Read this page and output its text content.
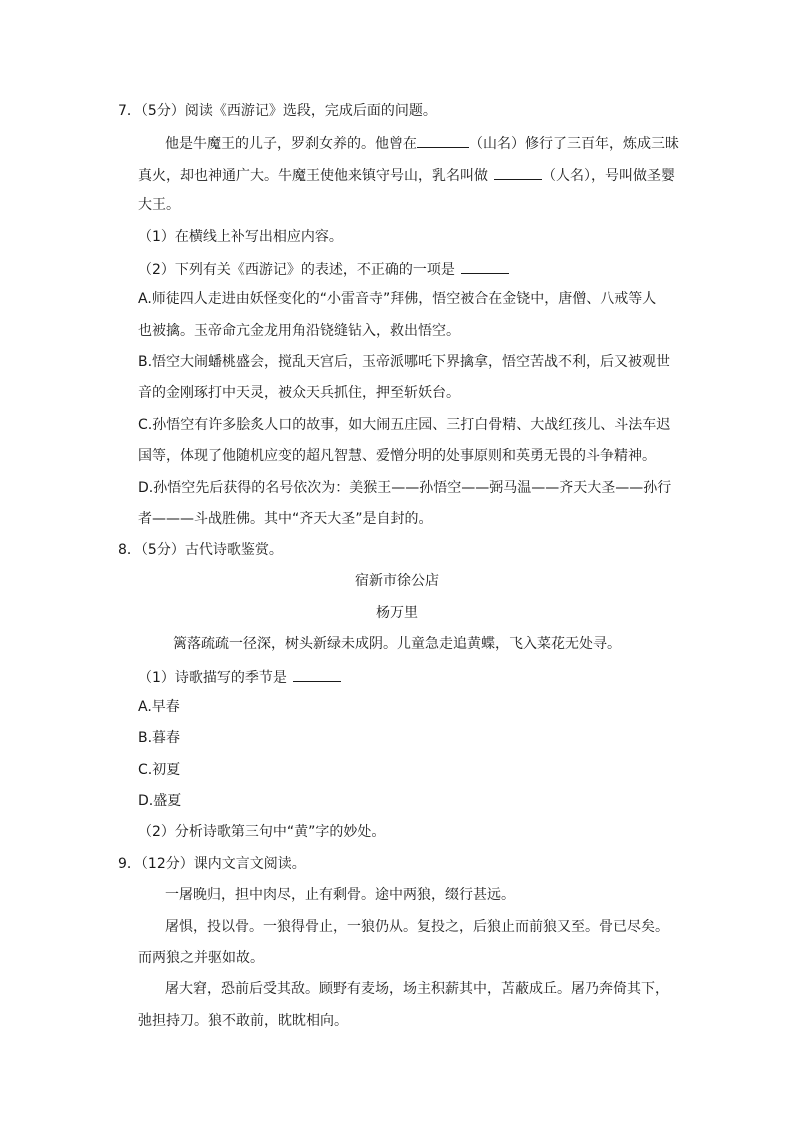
7．（5分）阅读《西游记》选段，完成后面的问题。
他是牛魔王的儿子，罗刹女养的。他曾在	（山名）修行了三百年，炼成三昧
真火，却也神通广大。牛魔王使他来镇守号山，乳名叫做	（人名），号叫做圣婴
大王。
（1）在横线上补写出相应内容。
（2）下列有关《西游记》的表述，不正确的一项是
A.师徒四人走进由妖怪变化的“小雷音寺”拜佛，悟空被合在金铙中，唐僧、八戒等人
也被擒。玉帝命亢金龙用角沿铙缝钻入，救出悟空。
B.悟空大闹蟠桃盛会，搅乱天宫后，玉帝派哪吒下界擒拿，悟空苦战不利，后又被观世
音的金刚琢打中天灵，被众天兵抓住，押至斩妖台。
C.孙悟空有许多脍炙人口的故事，如大闹五庄园、三打白骨精、大战红孩儿、斗法车迟
国等，体现了他随机应变的超凡智慧、爱憎分明的处事原则和英勇无畏的斗争精神。
D.孙悟空先后获得的名号依次为：美猴王——孙悟空——弼马温——齐天大圣——孙行
者———斗战胜佛。其中“齐天大圣”是自封的。
8．（5分）古代诗歌鉴赏。
宿新市徐公店
杨万里
篱落疏疏一径深，树头新绿未成阴。儿童急走追黄蝶，飞入菜花无处寻。
（1）诗歌描写的季节是
A.早春
B.暮春
C.初夏
D.盛夏
（2）分析诗歌第三句中“黄”字的妙处。
9．（12分）课内文言文阅读。
一屠晚归，担中肉尽，止有剩骨。途中两狼，缀行甚远。
屠惧，投以骨。一狼得骨止，一狼仍从。复投之，后狼止而前狼又至。骨已尽矣。
而两狼之并驱如故。
屠大窘，恐前后受其敌。顾野有麦场，场主积薪其中，苫蔽成丘。屠乃奔倚其下，
弛担持刀。狼不敢前，眈眈相向。
